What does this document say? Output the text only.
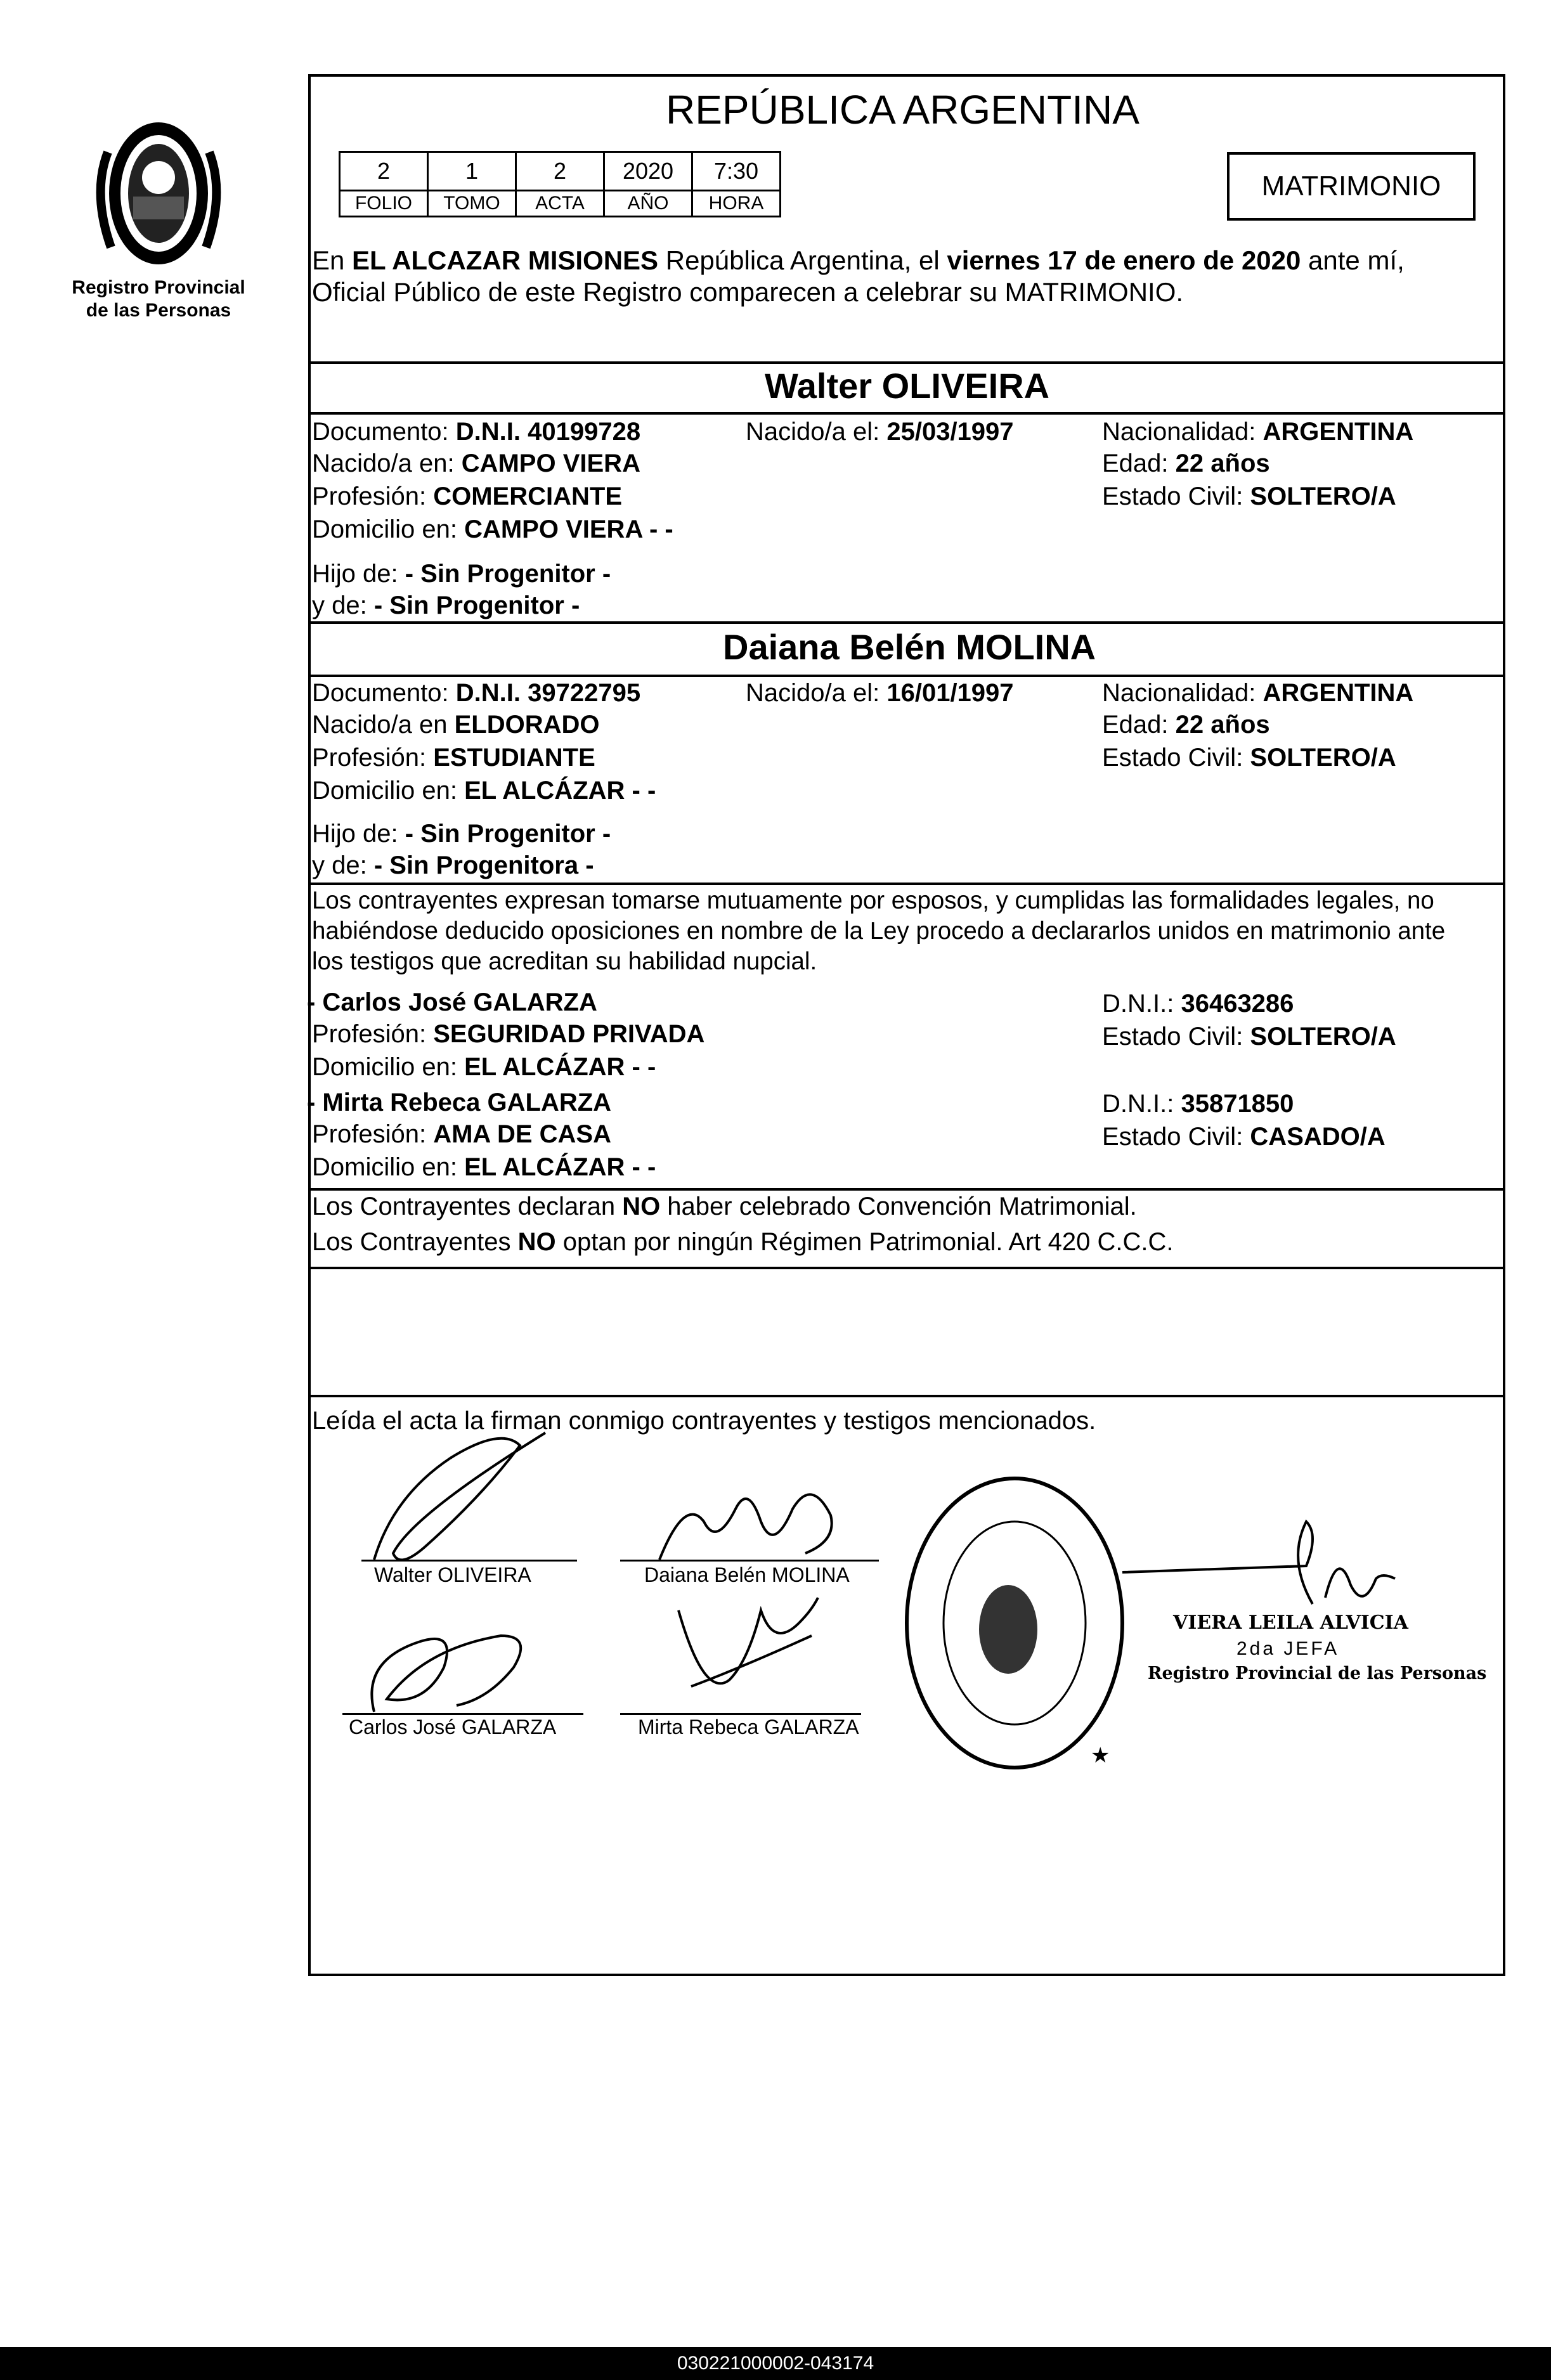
Registro Provincial
de las Personas
REPÚBLICA ARGENTINA
2	1	2	2020	7:30
FOLIO	TOMO	ACTA	AÑO	HORA
MATRIMONIO
En EL ALCAZAR MISIONES República Argentina, el viernes 17 de enero de 2020 ante mí,
Oficial Público de este Registro comparecen a celebrar su MATRIMONIO.
Walter OLIVEIRA
Documento: D.N.I. 40199728	Nacido/a el: 25/03/1997	Nacionalidad: ARGENTINA
Nacido/a en: CAMPO VIERA	Edad: 22 años
Profesión: COMERCIANTE	Estado Civil: SOLTERO/A
Domicilio en: CAMPO VIERA - -
Hijo de: - Sin Progenitor -
y de: - Sin Progenitor -
Daiana Belén MOLINA
Documento: D.N.I. 39722795	Nacido/a el: 16/01/1997	Nacionalidad: ARGENTINA
Nacido/a en ELDORADO	Edad: 22 años
Profesión: ESTUDIANTE	Estado Civil: SOLTERO/A
Domicilio en: EL ALCÁZAR - -
Hijo de: - Sin Progenitor -
y de: - Sin Progenitora -
Los contrayentes expresan tomarse mutuamente por esposos, y cumplidas las formalidades legales, no
habiéndose deducido oposiciones en nombre de la Ley procedo a declararlos unidos en matrimonio ante
los testigos que acreditan su habilidad nupcial.
- Carlos José GALARZA	D.N.I.: 36463286
Profesión: SEGURIDAD PRIVADA	Estado Civil: SOLTERO/A
Domicilio en: EL ALCÁZAR - -
- Mirta Rebeca GALARZA	D.N.I.: 35871850
Profesión: AMA DE CASA	Estado Civil: CASADO/A
Domicilio en: EL ALCÁZAR - -
Los Contrayentes declaran NO haber celebrado Convención Matrimonial.
Los Contrayentes NO optan por ningún Régimen Patrimonial. Art 420 C.C.C.
Leída el acta la firman conmigo contrayentes y testigos mencionados.
Walter OLIVEIRA	Daiana Belén MOLINA
Carlos José GALARZA	Mirta Rebeca GALARZA
★
VIERA LEILA ALVICIA
2da JEFA
Registro Provincial de las Personas
030221000002-043174
